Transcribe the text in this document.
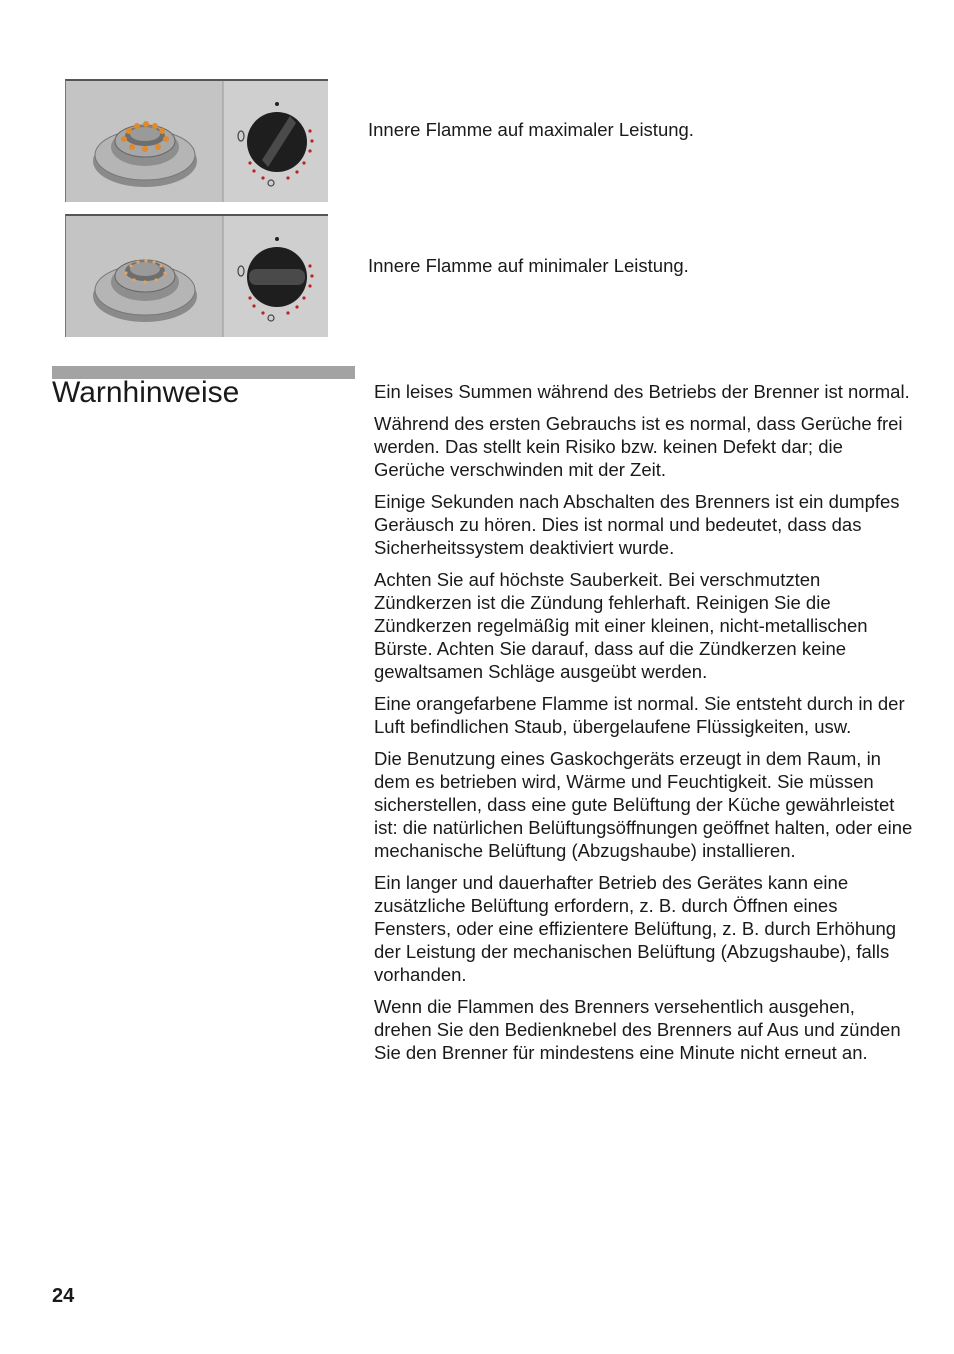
Innere Flamme auf maximaler Leistung.
Innere Flamme auf minimaler Leistung.
Warnhinweise	Ein leises Summen während des Betriebs der Brenner ist normal.

Während des ersten Gebrauchs ist es normal, dass Gerüche frei werden. Das stellt kein Risiko bzw. keinen Defekt dar; die Gerüche verschwinden mit der Zeit.

Einige Sekunden nach Abschalten des Brenners ist ein dumpfes Geräusch zu hören. Dies ist normal und bedeutet, dass das Sicherheitssystem deaktiviert wurde.

Achten Sie auf höchste Sauberkeit. Bei verschmutzten Zündkerzen ist die Zündung fehlerhaft. Reinigen Sie die Zündkerzen regelmäßig mit einer kleinen, nicht-metallischen Bürste. Achten Sie darauf, dass auf die Zündkerzen keine gewaltsamen Schläge ausgeübt werden.

Eine orangefarbene Flamme ist normal. Sie entsteht durch in der Luft befindlichen Staub, übergelaufene Flüssigkeiten, usw.

Die Benutzung eines Gaskochgeräts erzeugt in dem Raum, in dem es betrieben wird, Wärme und Feuchtigkeit. Sie müssen sicherstellen, dass eine gute Belüftung der Küche gewährleistet ist: die natürlichen Belüftungsöffnungen geöffnet halten, oder eine mechanische Belüftung (Abzugshaube) installieren.

Ein langer und dauerhafter Betrieb des Gerätes kann eine zusätzliche Belüftung erfordern, z. B. durch Öffnen eines Fensters, oder eine effizientere Belüftung, z. B. durch Erhöhung der Leistung der mechanischen Belüftung (Abzugshaube), falls vorhanden.

Wenn die Flammen des Brenners versehentlich ausgehen, drehen Sie den Bedienknebel des Brenners auf Aus und zünden Sie den Brenner für mindestens eine Minute nicht erneut an.

24
